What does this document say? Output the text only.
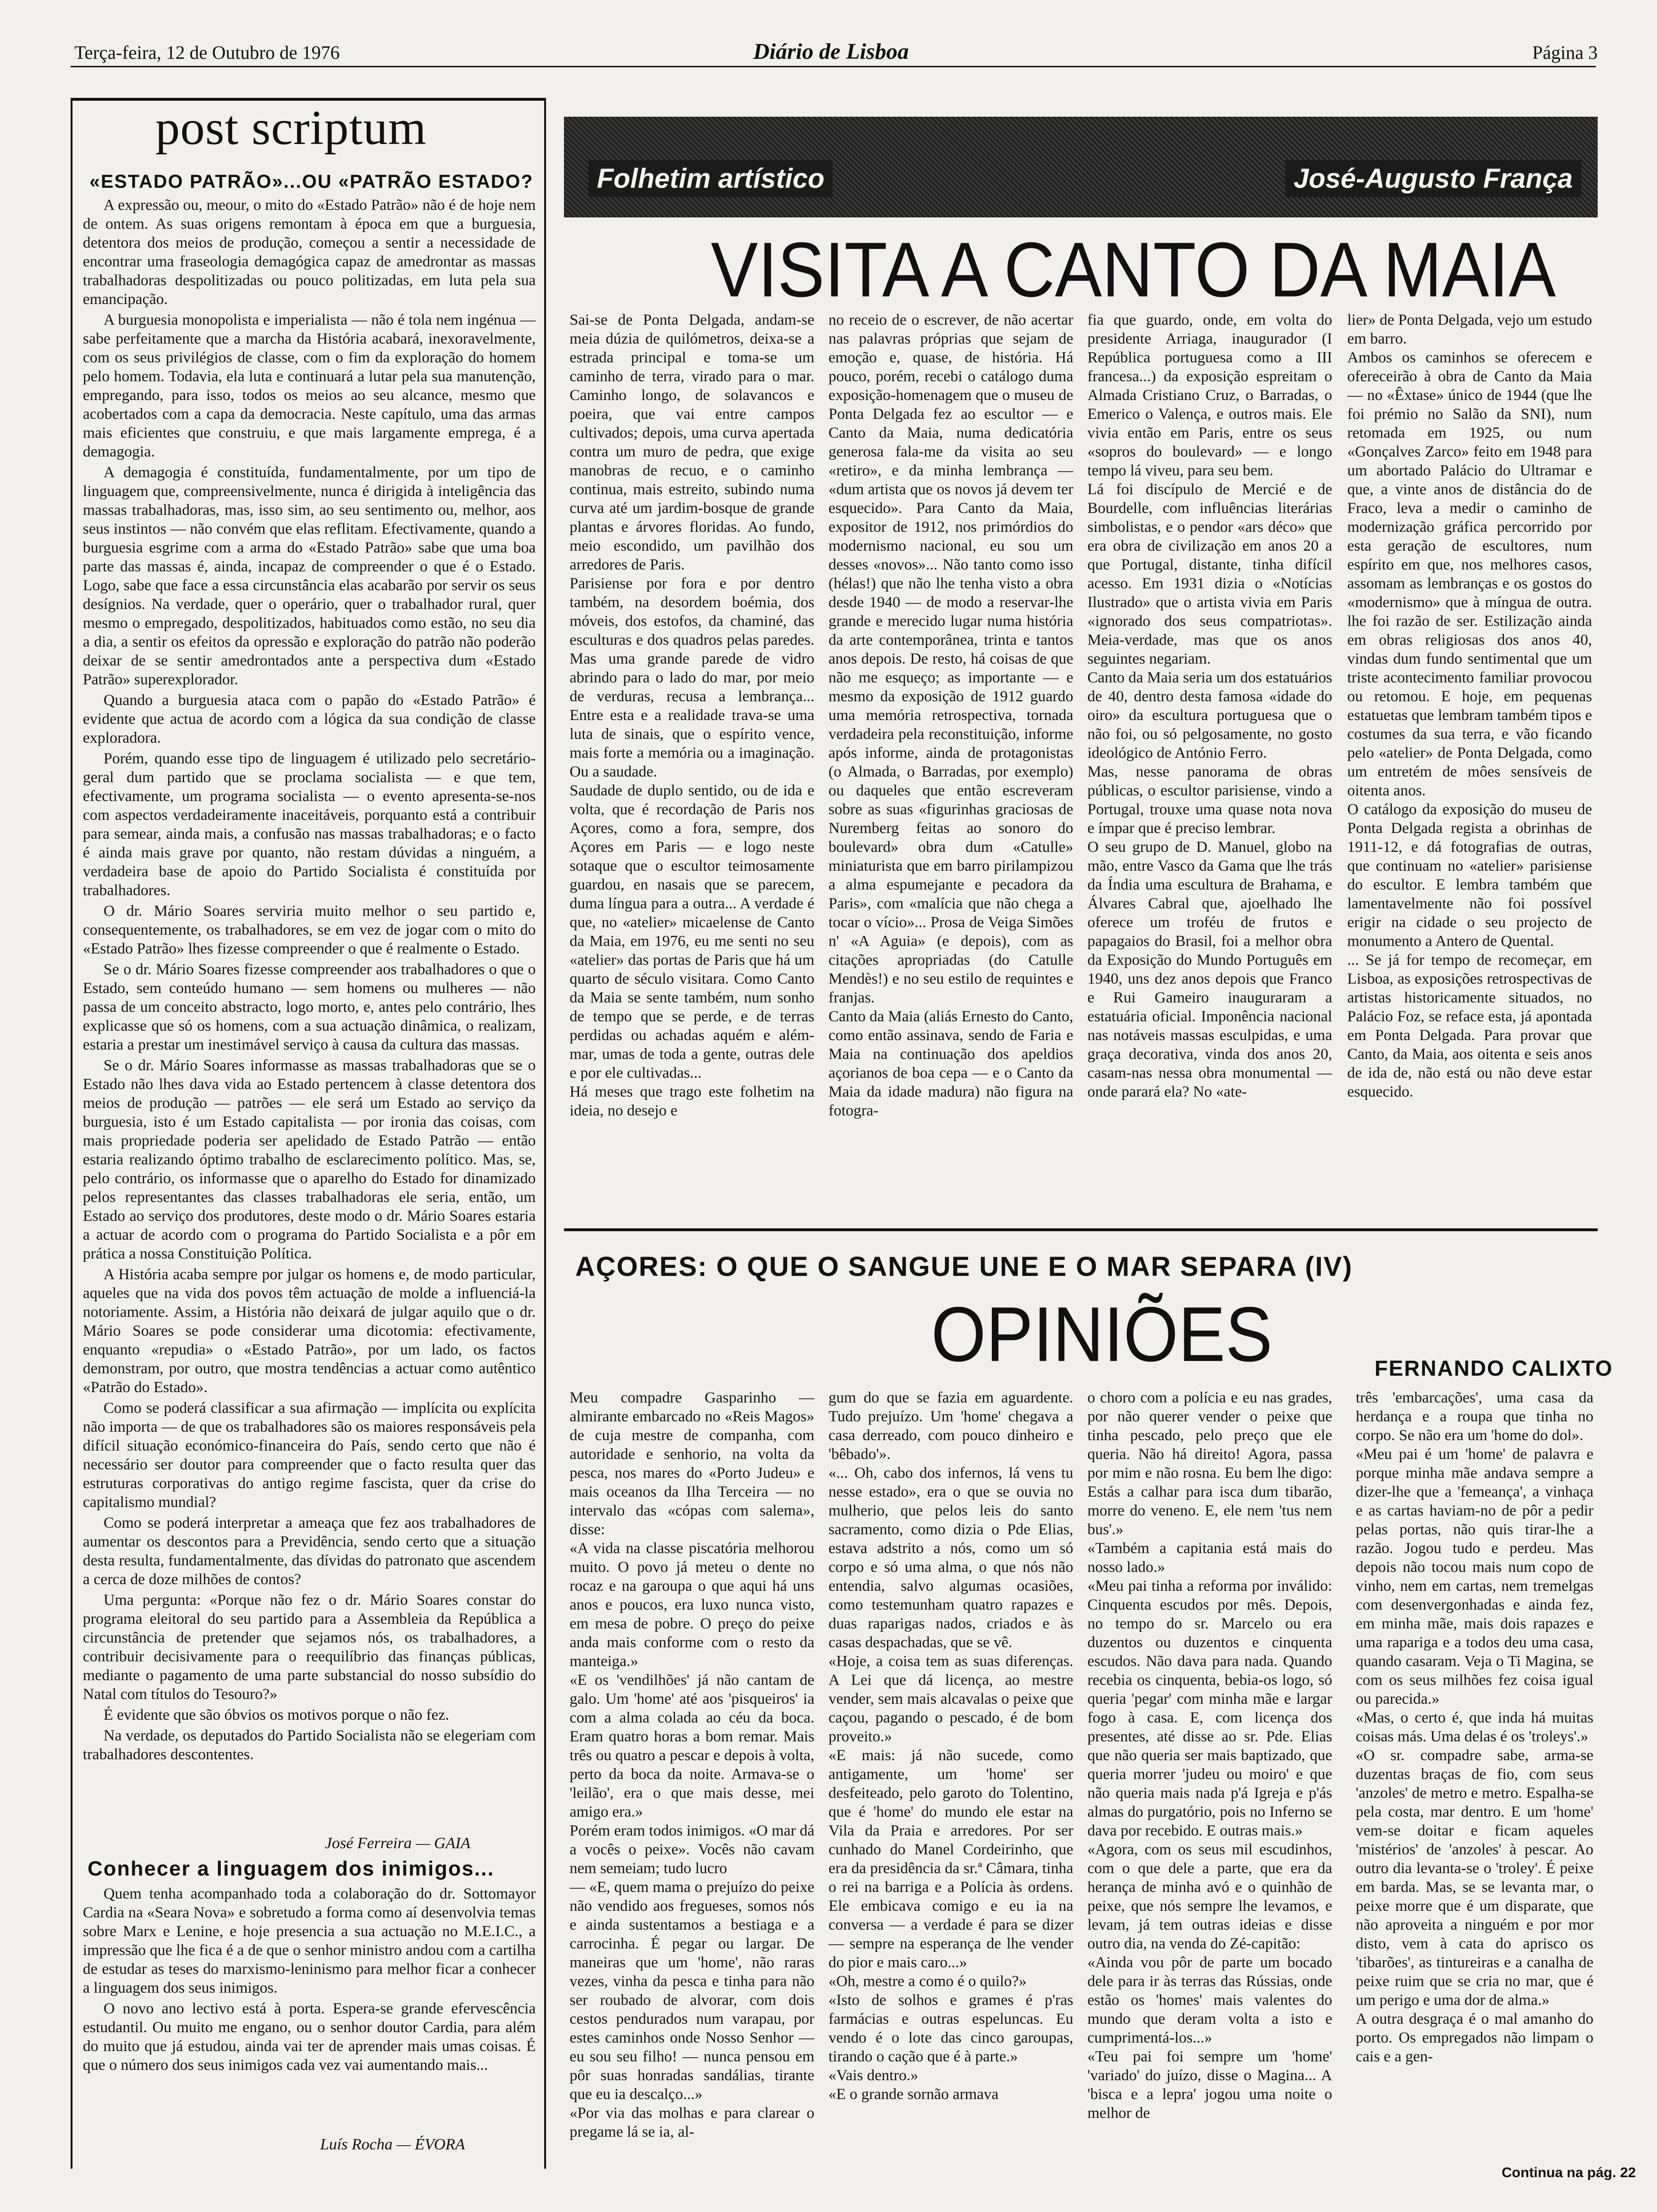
Terça-feira, 12 de Outubro de 1976	Diário de Lisboa	Página 3
post scriptum
«ESTADO PATRÃO»...OU «PATRÃO ESTADO?

A expressão ou, meour, o mito do «Estado Patrão» não é de hoje nem de ontem. As suas origens remontam à época em que a burguesia, detentora dos meios de produção, começou a sentir a necessidade de encontrar uma fraseologia demagógica capaz de amedrontar as massas trabalhadoras despolitizadas ou pouco politizadas, em luta pela sua emancipação.

A burguesia monopolista e imperialista — não é tola nem ingénua — sabe perfeitamente que a marcha da História acabará, inexoravelmente, com os seus privilégios de classe, com o fim da exploração do homem pelo homem. Todavia, ela luta e continuará a lutar pela sua manutenção, empregando, para isso, todos os meios ao seu alcance, mesmo que acobertados com a capa da democracia. Neste capítulo, uma das armas mais eficientes que construiu, e que mais largamente emprega, é a demagogia.

A demagogia é constituída, fundamentalmente, por um tipo de linguagem que, compreensivelmente, nunca é dirigida à inteligência das massas trabalhadoras, mas, isso sim, ao seu sentimento ou, melhor, aos seus instintos — não convém que elas reflitam. Efectivamente, quando a burguesia esgrime com a arma do «Estado Patrão» sabe que uma boa parte das massas é, ainda, incapaz de compreender o que é o Estado. Logo, sabe que face a essa circunstância elas acabarão por servir os seus desígnios. Na verdade, quer o operário, quer o trabalhador rural, quer mesmo o empregado, despolitizados, habituados como estão, no seu dia a dia, a sentir os efeitos da opressão e exploração do patrão não poderão deixar de se sentir amedrontados ante a perspectiva dum «Estado Patrão» superexplorador.

Quando a burguesia ataca com o papão do «Estado Patrão» é evidente que actua de acordo com a lógica da sua condição de classe exploradora.

Porém, quando esse tipo de linguagem é utilizado pelo secretário-geral dum partido que se proclama socialista — e que tem, efectivamente, um programa socialista — o evento apresenta-se-nos com aspectos verdadeiramente inaceitáveis, porquanto está a contribuir para semear, ainda mais, a confusão nas massas trabalhadoras; e o facto é ainda mais grave por quanto, não restam dúvidas a ninguém, a verdadeira base de apoio do Partido Socialista é constituída por trabalhadores.

O dr. Mário Soares serviria muito melhor o seu partido e, consequentemente, os trabalhadores, se em vez de jogar com o mito do «Estado Patrão» lhes fizesse compreender o que é realmente o Estado.

Se o dr. Mário Soares fizesse compreender aos trabalhadores o que o Estado, sem conteúdo humano — sem homens ou mulheres — não passa de um conceito abstracto, logo morto, e, antes pelo contrário, lhes explicasse que só os homens, com a sua actuação dinâmica, o realizam, estaria a prestar um inestimável serviço à causa da cultura das massas.

Se o dr. Mário Soares informasse as massas trabalhadoras que se o Estado não lhes dava vida ao Estado pertencem à classe detentora dos meios de produção — patrões — ele será um Estado ao serviço da burguesia, isto é um Estado capitalista — por ironia das coisas, com mais propriedade poderia ser apelidado de Estado Patrão — então estaria realizando óptimo trabalho de esclarecimento político. Mas, se, pelo contrário, os informasse que o aparelho do Estado for dinamizado pelos representantes das classes trabalhadoras ele seria, então, um Estado ao serviço dos produtores, deste modo o dr. Mário Soares estaria a actuar de acordo com o programa do Partido Socialista e a pôr em prática a nossa Constituição Política.

A História acaba sempre por julgar os homens e, de modo particular, aqueles que na vida dos povos têm actuação de molde a influenciá-la notoriamente. Assim, a História não deixará de julgar aquilo que o dr. Mário Soares se pode considerar uma dicotomia: efectivamente, enquanto «repudia» o «Estado Patrão», por um lado, os factos demonstram, por outro, que mostra tendências a actuar como autêntico «Patrão do Estado».

Como se poderá classificar a sua afirmação — implícita ou explícita não importa — de que os trabalhadores são os maiores responsáveis pela difícil situação económico-financeira do País, sendo certo que não é necessário ser doutor para compreender que o facto resulta quer das estruturas corporativas do antigo regime fascista, quer da crise do capitalismo mundial?

Como se poderá interpretar a ameaça que fez aos trabalhadores de aumentar os descontos para a Previdência, sendo certo que a situação desta resulta, fundamentalmente, das dívidas do patronato que ascendem a cerca de doze milhões de contos?

Uma pergunta: «Porque não fez o dr. Mário Soares constar do programa eleitoral do seu partido para a Assembleia da República a circunstância de pretender que sejamos nós, os trabalhadores, a contribuir decisivamente para o reequilíbrio das finanças públicas, mediante o pagamento de uma parte substancial do nosso subsídio do Natal com títulos do Tesouro?»

É evidente que são óbvios os motivos porque o não fez.

Na verdade, os deputados do Partido Socialista não se elegeriam com trabalhadores descontentes.

José Ferreira — GAIA
Conhecer a linguagem dos inimigos...

Quem tenha acompanhado toda a colaboração do dr. Sottomayor Cardia na «Seara Nova» e sobretudo a forma como aí desenvolvia temas sobre Marx e Lenine, e hoje presencia a sua actuação no M.E.I.C., a impressão que lhe fica é a de que o senhor ministro andou com a cartilha de estudar as teses do marxismo-leninismo para melhor ficar a conhecer a linguagem dos seus inimigos.

O novo ano lectivo está à porta. Espera-se grande efervescência estudantil. Ou muito me engano, ou o senhor doutor Cardia, para além do muito que já estudou, ainda vai ter de aprender mais umas coisas. É que o número dos seus inimigos cada vez vai aumentando mais...

Luís Rocha — ÉVORA
Folhetim artístico	José-Augusto França
VISITA A CANTO DA MAIA
Sai-se de Ponta Delgada, andam-se meia dúzia de quilómetros, deixa-se a estrada principal e toma-se um caminho de terra, virado para o mar. Caminho longo, de solavancos e poeira, que vai entre campos cultivados; depois, uma curva apertada contra um muro de pedra, que exige manobras de recuo, e o caminho continua, mais estreito, subindo numa curva até um jardim-bosque de grande plantas e árvores floridas. Ao fundo, meio escondido, um pavilhão dos arredores de Paris.
Parisiense por fora e por dentro também, na desordem boémia, dos móveis, dos estofos, da chaminé, das esculturas e dos quadros pelas paredes. Mas uma grande parede de vidro abrindo para o lado do mar, por meio de verduras, recusa a lembrança... Entre esta e a realidade trava-se uma luta de sinais, que o espírito vence, mais forte a memória ou a imaginação. Ou a saudade.
Saudade de duplo sentido, ou de ida e volta, que é recordação de Paris nos Açores, como a fora, sempre, dos Açores em Paris — e logo neste sotaque que o escultor teimosamente guardou, en nasais que se parecem, duma língua para a outra... A verdade é que, no «atelier» micaelense de Canto da Maia, em 1976, eu me senti no seu «atelier» das portas de Paris que há um quarto de século visitara. Como Canto da Maia se sente também, num sonho de tempo que se perde, e de terras perdidas ou achadas aquém e além-mar, umas de toda a gente, outras dele e por ele cultivadas...
Há meses que trago este folhetim na ideia, no desejo e
no receio de o escrever, de não acertar nas palavras próprias que sejam de emoção e, quase, de história. Há pouco, porém, recebi o catálogo duma exposição-homenagem que o museu de Ponta Delgada fez ao escultor — e Canto da Maia, numa dedicatória generosa fala-me da visita ao seu «retiro», e da minha lembrança — «dum artista que os novos já devem ter esquecido». Para Canto da Maia, expositor de 1912, nos primórdios do modernismo nacional, eu sou um desses «novos»... Não tanto como isso (hélas!) que não lhe tenha visto a obra desde 1940 — de modo a reservar-lhe grande e merecido lugar numa história da arte contemporânea, trinta e tantos anos depois. De resto, há coisas de que não me esqueço; as importante — e mesmo da exposição de 1912 guardo uma memória retrospectiva, tornada verdadeira pela reconstituição, informe após informe, ainda de protagonistas (o Almada, o Barradas, por exemplo) ou daqueles que então escreveram sobre as suas «figurinhas graciosas de Nuremberg feitas ao sonoro do boulevard» obra dum «Catulle» miniaturista que em barro pirilampizou a alma espumejante e pecadora da Paris», com «malícia que não chega a tocar o vício»... Prosa de Veiga Simões n' «A Aguia» (e depois), com as citações apropriadas (do Catulle Mendès!) e no seu estilo de requintes e franjas.
Canto da Maia (aliás Ernesto do Canto, como então assinava, sendo de Faria e Maia na continuação dos apeldios açorianos de boa cepa — e o Canto da Maia da idade madura) não figura na fotogra-
fia que guardo, onde, em volta do presidente Arriaga, inaugurador (I República portuguesa como a III francesa...) da exposição espreitam o Almada Cristiano Cruz, o Barradas, o Emerico o Valença, e outros mais. Ele vivia então em Paris, entre os seus «sopros do boulevard» — e longo tempo lá viveu, para seu bem.
Lá foi discípulo de Mercié e de Bourdelle, com influências literárias simbolistas, e o pendor «ars déco» que era obra de civilização em anos 20 a que Portugal, distante, tinha difícil acesso. Em 1931 dizia o «Notícias Ilustrado» que o artista vivia em Paris «ignorado dos seus compatriotas». Meia-verdade, mas que os anos seguintes negariam.
Canto da Maia seria um dos estatuários de 40, dentro desta famosa «idade do oiro» da escultura portuguesa que o não foi, ou só pelgosamente, no gosto ideológico de António Ferro.
Mas, nesse panorama de obras públicas, o escultor parisiense, vindo a Portugal, trouxe uma quase nota nova e ímpar que é preciso lembrar.
O seu grupo de D. Manuel, globo na mão, entre Vasco da Gama que lhe trás da Índia uma escultura de Brahama, e Álvares Cabral que, ajoelhado lhe oferece um troféu de frutos e papagaios do Brasil, foi a melhor obra da Exposição do Mundo Português em 1940, uns dez anos depois que Franco e Rui Gameiro inauguraram a estatuária oficial. Imponência nacional nas notáveis massas esculpidas, e uma graça decorativa, vinda dos anos 20, casam-nas nessa obra monumental — onde parará ela? No «ate-
lier» de Ponta Delgada, vejo um estudo em barro.
Ambos os caminhos se oferecem e ofereceirão à obra de Canto da Maia — no «Êxtase» único de 1944 (que lhe foi prémio no Salão da SNI), num retomada em 1925, ou num «Gonçalves Zarco» feito em 1948 para um abortado Palácio do Ultramar e que, a vinte anos de distância do de Fraco, leva a medir o caminho de modernização gráfica percorrido por esta geração de escultores, num espírito em que, nos melhores casos, assomam as lembranças e os gostos do «modernismo» que à míngua de outra. lhe foi razão de ser. Estilização ainda em obras religiosas dos anos 40, vindas dum fundo sentimental que um triste acontecimento familiar provocou ou retomou. E hoje, em pequenas estatuetas que lembram também tipos e costumes da sua terra, e vão ficando pelo «atelier» de Ponta Delgada, como um entretém de môes sensíveis de oitenta anos.
O catálogo da exposição do museu de Ponta Delgada regista a obrinhas de 1911-12, e dá fotografias de outras, que continuam no «atelier» parisiense do escultor. E lembra também que lamentavelmente não foi possível erigir na cidade o seu projecto de monumento a Antero de Quental.
... Se já for tempo de recomeçar, em Lisboa, as exposições retrospectivas de artistas historicamente situados, no Palácio Foz, se reface esta, já apontada em Ponta Delgada. Para provar que Canto, da Maia, aos oitenta e seis anos de ida de, não está ou não deve estar esquecido.
AÇORES: O QUE O SANGUE UNE E O MAR SEPARA (IV)
OPINIÕES	FERNANDO CALIXTO
Meu compadre Gasparinho — almirante embarcado no «Reis Magos» de cuja mestre de companha, com autoridade e senhorio, na volta da pesca, nos mares do «Porto Judeu» e mais oceanos da Ilha Terceira — no intervalo das «cópas com salema», disse:
«A vida na classe piscatória melhorou muito. O povo já meteu o dente no rocaz e na garoupa o que aqui há uns anos e poucos, era luxo nunca visto, em mesa de pobre. O preço do peixe anda mais conforme com o resto da manteiga.»
«E os 'vendilhões' já não cantam de galo. Um 'home' até aos 'pisqueiros' ia com a alma colada ao céu da boca. Eram quatro horas a bom remar. Mais três ou quatro a pescar e depois à volta, perto da boca da noite. Armava-se o 'leilão', era o que mais desse, mei amigo era.»
Porém eram todos inimigos. «O mar dá a vocês o peixe». Vocês não cavam nem semeiam; tudo lucro
— «E, quem mama o prejuízo do peixe não vendido aos fregueses, somos nós e ainda sustentamos a bestiaga e a carrocinha. É pegar ou largar. De maneiras que um 'home', não raras vezes, vinha da pesca e tinha para não ser roubado de alvorar, com dois cestos pendurados num varapau, por estes caminhos onde Nosso Senhor — eu sou seu filho! — nunca pensou em pôr suas honradas sandálias, tirante que eu ia descalço...»
«Por via das molhas e para clarear o pregame lá se ia, al-
gum do que se fazia em aguardente. Tudo prejuízo. Um 'home' chegava a casa derreado, com pouco dinheiro e 'bêbado'».
«... Oh, cabo dos infernos, lá vens tu nesse estado», era o que se ouvia no mulherio, que pelos leis do santo sacramento, como dizia o Pde Elias, estava adstrito a nós, como um só corpo e só uma alma, o que nós não entendia, salvo algumas ocasiões, como testemunham quatro rapazes e duas raparigas nados, criados e às casas despachadas, que se vê.
«Hoje, a coisa tem as suas diferenças. A Lei que dá licença, ao mestre vender, sem mais alcavalas o peixe que caçou, pagando o pescado, é de bom proveito.»
«E mais: já não sucede, como antigamente, um 'home' ser desfeiteado, pelo garoto do Tolentino, que é 'home' do mundo ele estar na Vila da Praia e arredores. Por ser cunhado do Manel Cordeirinho, que era da presidência da sr.ª Câmara, tinha o rei na barriga e a Polícia às ordens. Ele embicava comigo e eu ia na conversa — a verdade é para se dizer — sempre na esperança de lhe vender do pior e mais caro...»
«Oh, mestre a como é o quilo?»
«Isto de solhos e grames é p'ras farmácias e outras espeluncas. Eu vendo é o lote das cinco garoupas, tirando o cação que é à parte.»
«Vais dentro.»
«E o grande sornão armava
o choro com a polícia e eu nas grades, por não querer vender o peixe que tinha pescado, pelo preço que ele queria. Não há direito! Agora, passa por mim e não rosna. Eu bem lhe digo: Estás a calhar para isca dum tibarão, morre do veneno. E, ele nem 'tus nem bus'.»
«Também a capitania está mais do nosso lado.»
«Meu pai tinha a reforma por inválido: Cinquenta escudos por mês. Depois, no tempo do sr. Marcelo ou era duzentos ou duzentos e cinquenta escudos. Não dava para nada. Quando recebia os cinquenta, bebia-os logo, só queria 'pegar' com minha mãe e largar fogo à casa. E, com licença dos presentes, até disse ao sr. Pde. Elias que não queria ser mais baptizado, que queria morrer 'judeu ou moiro' e que não queria mais nada p'á Igreja e p'ás almas do purgatório, pois no Inferno se dava por recebido. E outras mais.»
«Agora, com os seus mil escudinhos, com o que dele a parte, que era da herança de minha avó e o quinhão de peixe, que nós sempre lhe levamos, e levam, já tem outras ideias e disse outro dia, na venda do Zé-capitão:
«Ainda vou pôr de parte um bocado dele para ir às terras das Rússias, onde estão os 'homes' mais valentes do mundo que deram volta a isto e cumprimentá-los...»
«Teu pai foi sempre um 'home' 'variado' do juízo, disse o Magina... A 'bisca e a lepra' jogou uma noite o melhor de
três 'embarcações', uma casa da herdança e a roupa que tinha no corpo. Se não era um 'home do dol».
«Meu pai é um 'home' de palavra e porque minha mãe andava sempre a dizer-lhe que a 'femeança', a vinhaça e as cartas haviam-no de pôr a pedir pelas portas, não quis tirar-lhe a razão. Jogou tudo e perdeu. Mas depois não tocou mais num copo de vinho, nem em cartas, nem tremelgas com desenvergonhadas e ainda fez, em minha mãe, mais dois rapazes e uma rapariga e a todos deu uma casa, quando casaram. Veja o Ti Magina, se com os seus milhões fez coisa igual ou parecida.»
«Mas, o certo é, que inda há muitas coisas más. Uma delas é os 'troleys'.»
«O sr. compadre sabe, arma-se duzentas braças de fio, com seus 'anzoles' de metro e metro. Espalha-se pela costa, mar dentro. E um 'home' vem-se doitar e ficam aqueles 'mistérios' de 'anzoles' à pescar. Ao outro dia levanta-se o 'troley'. É peixe em barda. Mas, se se levanta mar, o peixe morre que é um disparate, que não aproveita a ninguém e por mor disto, vem à cata do aprisco os 'tibarões', as tintureiras e a canalha de peixe ruim que se cria no mar, que é um perigo e uma dor de alma.»
A outra desgraça é o mal amanho do porto. Os empregados não limpam o cais e a gen-
Continua na pág. 22
